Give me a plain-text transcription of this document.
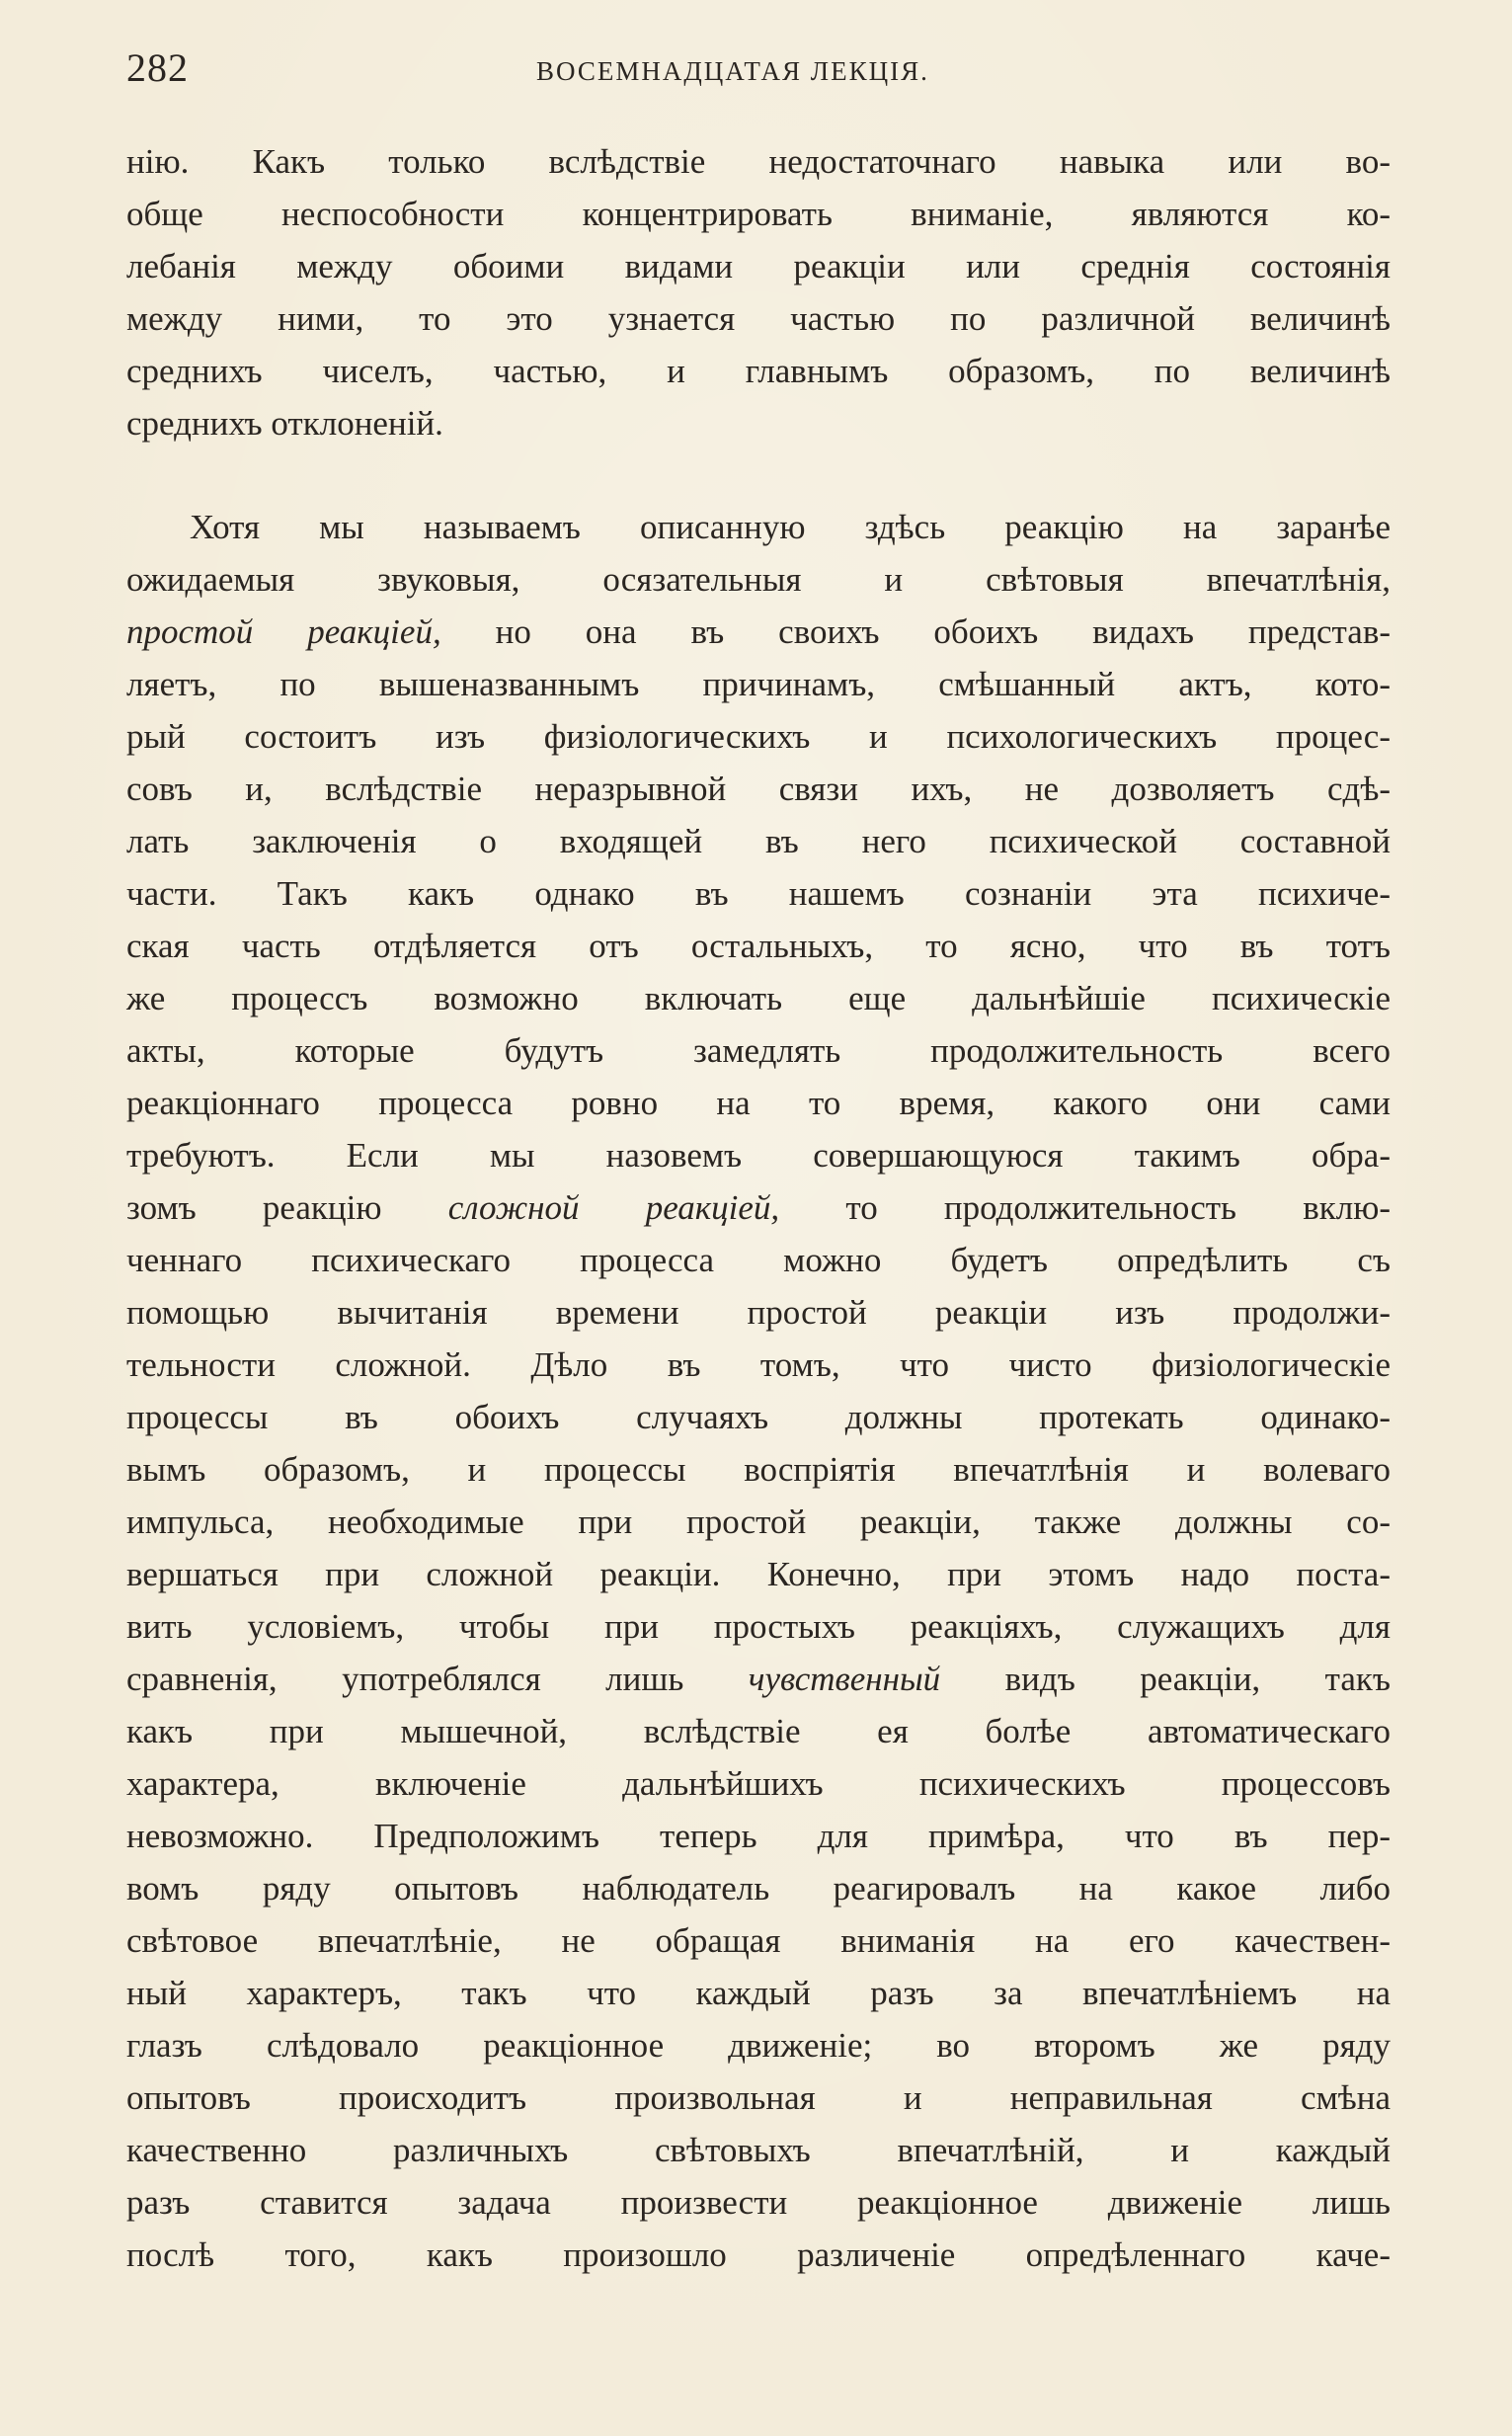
282	ВОСЕМНАДЦАТАЯ ЛЕКЦІЯ.
нію. Какъ только вслѣдствіе недостаточнаго навыка или во-
обще неспособности концентрировать вниманіе, являются ко-
лебанія между обоими видами реакціи или среднія состоянія
между ними, то это узнается частью по различной величинѣ
среднихъ чиселъ, частью, и главнымъ образомъ, по величинѣ
среднихъ отклоненій.
Хотя мы называемъ описанную здѣсь реакцію на заранѣе
ожидаемыя звуковыя, осязательныя и свѣтовыя впечатлѣнія,
простой реакціей, но она въ своихъ обоихъ видахъ представ-
ляетъ, по вышеназваннымъ причинамъ, смѣшанный актъ, кото-
рый состоитъ изъ физіологическихъ и психологическихъ процес-
совъ и, вслѣдствіе неразрывной связи ихъ, не дозволяетъ сдѣ-
лать заключенія о входящей въ него психической составной
части. Такъ какъ однако въ нашемъ сознаніи эта психиче-
ская часть отдѣляется отъ остальныхъ, то ясно, что въ тотъ
же процессъ возможно включать еще дальнѣйшіе психическіе
акты, которые будутъ замедлять продолжительность всего
реакціоннаго процесса ровно на то время, какого они сами
требуютъ. Если мы назовемъ совершающуюся такимъ обра-
зомъ реакцію сложной реакціей, то продолжительность вклю-
ченнаго психическаго процесса можно будетъ опредѣлить съ
помощью вычитанія времени простой реакціи изъ продолжи-
тельности сложной. Дѣло въ томъ, что чисто физіологическіе
процессы въ обоихъ случаяхъ должны протекать одинако-
вымъ образомъ, и процессы воспріятія впечатлѣнія и волеваго
импульса, необходимые при простой реакціи, также должны со-
вершаться при сложной реакціи. Конечно, при этомъ надо поста-
вить условіемъ, чтобы при простыхъ реакціяхъ, служащихъ для
сравненія, употреблялся лишь чувственный видъ реакціи, такъ
какъ при мышечной, вслѣдствіе ея болѣе автоматическаго
характера, включеніе дальнѣйшихъ психическихъ процессовъ
невозможно. Предположимъ теперь для примѣра, что въ пер-
вомъ ряду опытовъ наблюдатель реагировалъ на какое либо
свѣтовое впечатлѣніе, не обращая вниманія на его качествен-
ный характеръ, такъ что каждый разъ за впечатлѣніемъ на
глазъ слѣдовало реакціонное движеніе; во второмъ же ряду
опытовъ происходитъ произвольная и неправильная смѣна
качественно различныхъ свѣтовыхъ впечатлѣній, и каждый
разъ ставится задача произвести реакціонное движеніе лишь
послѣ того, какъ произошло различеніе опредѣленнаго каче-
